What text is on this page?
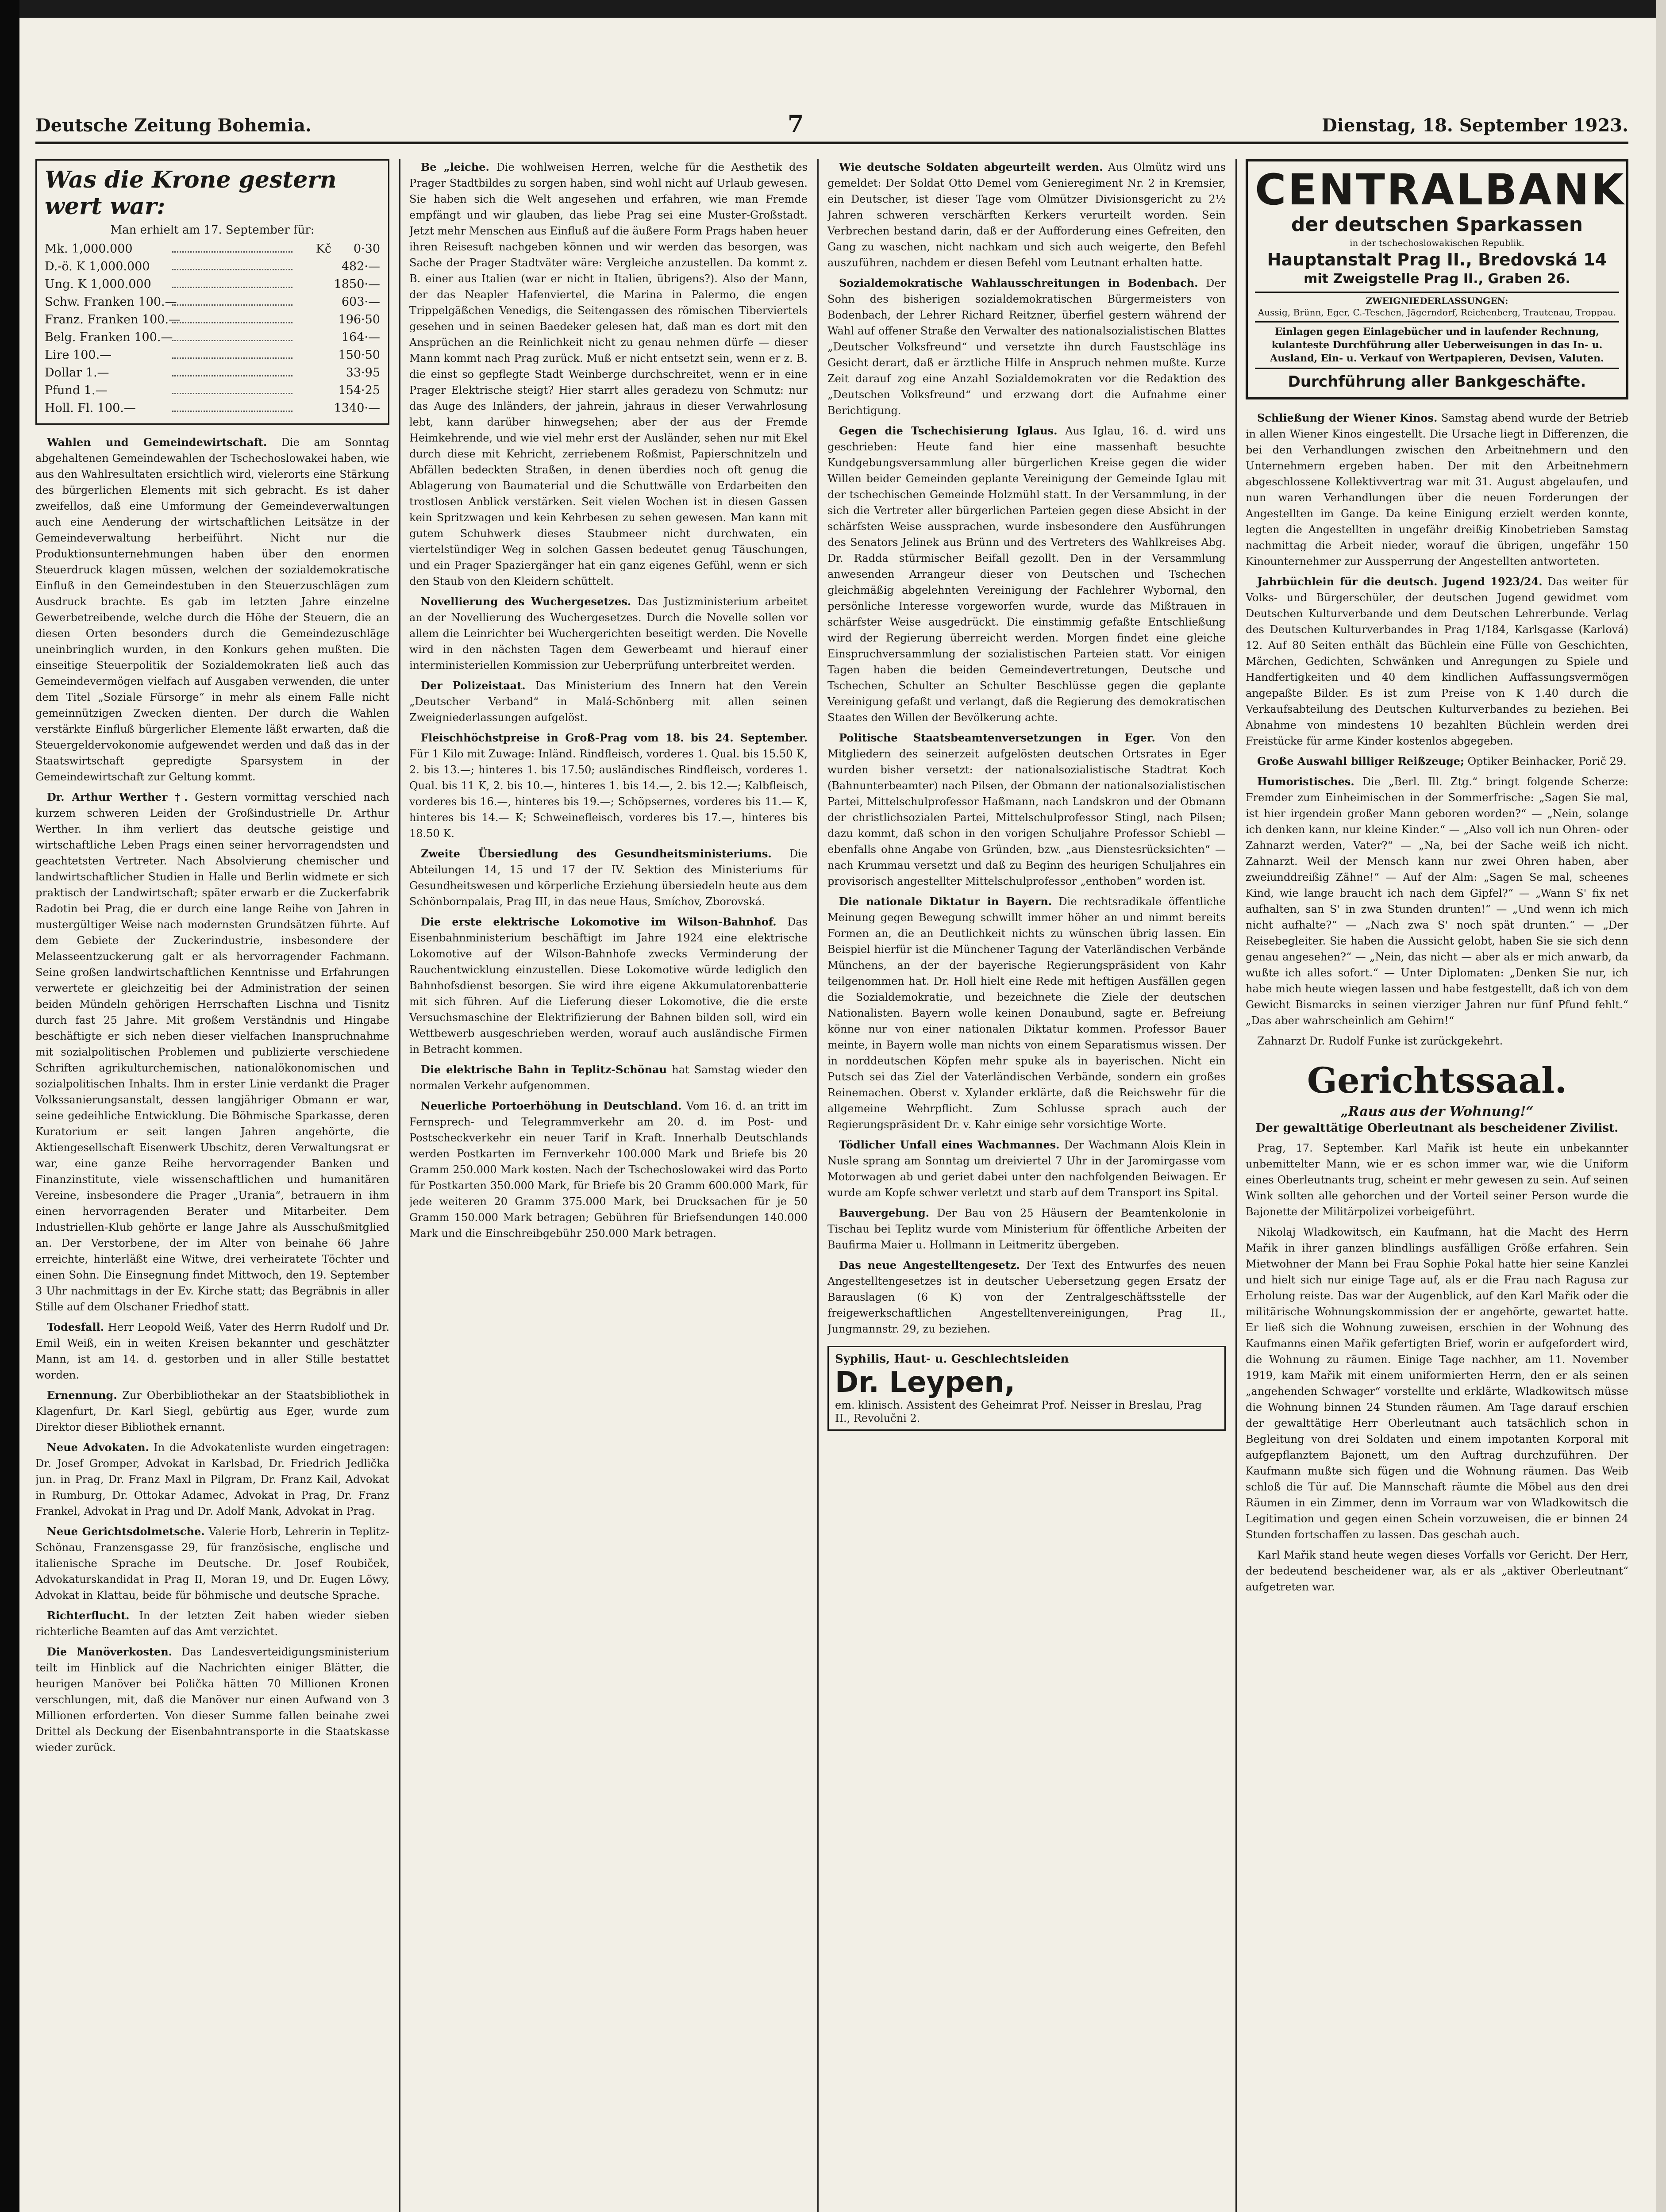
Deutsche Zeitung Bohemia.	7	Dienstag, 18. September 1923.
Was die Krone gestern wert war:
Man erhielt am 17. September für:
Mk. 1,000.000	Kč	0·30
D.-ö. K 1,000.000	482·—
Ung. K 1,000.000	1850·—
Schw. Franken 100.—	603·—
Franz. Franken 100.—	196·50
Belg. Franken 100.—	164·—
Lire 100.—	150·50
Dollar 1.—	33·95
Pfund 1.—	154·25
Holl. Fl. 100.—	1340·—

Wahlen und Gemeindewirtschaft. Die am Sonntag abgehaltenen Gemeindewahlen der Tschechoslowakei haben, wie aus den Wahlresultaten ersichtlich wird, vielerorts eine Stärkung des bürgerlichen Elements mit sich gebracht. Es ist daher zweifellos, daß eine Umformung der Gemeindeverwaltungen auch eine Aenderung der wirtschaftlichen Leitsätze in der Gemeindeverwaltung herbeiführt. Nicht nur die Produktionsunternehmungen haben über den enormen Steuerdruck klagen müssen, welchen der sozialdemokratische Einfluß in den Gemeindestuben in den Steuerzuschlägen zum Ausdruck brachte. Es gab im letzten Jahre einzelne Gewerbetreibende, welche durch die Höhe der Steuern, die an diesen Orten besonders durch die Gemeindezuschläge uneinbringlich wurden, in den Konkurs gehen mußten. Die einseitige Steuerpolitik der Sozialdemokraten ließ auch das Gemeindevermögen vielfach auf Ausgaben verwenden, die unter dem Titel „Soziale Fürsorge“ in mehr als einem Falle nicht gemeinnützigen Zwecken dienten. Der durch die Wahlen verstärkte Einfluß bürgerlicher Elemente läßt erwarten, daß die Steuergeldervokonomie aufgewendet werden und daß das in der Staatswirtschaft gepredigte Sparsystem in der Gemeindewirtschaft zur Geltung kommt.

Dr. Arthur Werther †. Gestern vormittag verschied nach kurzem schweren Leiden der Großindustrielle Dr. Arthur Werther. In ihm verliert das deutsche geistige und wirtschaftliche Leben Prags einen seiner hervorragendsten und geachtetsten Vertreter. Nach Absolvierung chemischer und landwirtschaftlicher Studien in Halle und Berlin widmete er sich praktisch der Landwirtschaft; später erwarb er die Zuckerfabrik Radotin bei Prag, die er durch eine lange Reihe von Jahren in mustergültiger Weise nach modernsten Grundsätzen führte. Auf dem Gebiete der Zuckerindustrie, insbesondere der Melasseentzuckerung galt er als hervorragender Fachmann. Seine großen landwirtschaftlichen Kenntnisse und Erfahrungen verwertete er gleichzeitig bei der Administration der seinen beiden Mündeln gehörigen Herrschaften Lischna und Tisnitz durch fast 25 Jahre. Mit großem Verständnis und Hingabe beschäftigte er sich neben dieser vielfachen Inanspruchnahme mit sozialpolitischen Problemen und publizierte verschiedene Schriften agrikulturchemischen, nationalökonomischen und sozialpolitischen Inhalts. Ihm in erster Linie verdankt die Prager Volkssanierungsanstalt, dessen langjähriger Obmann er war, seine gedeihliche Entwicklung. Die Böhmische Sparkasse, deren Kuratorium er seit langen Jahren angehörte, die Aktiengesellschaft Eisenwerk Ubschitz, deren Verwaltungsrat er war, eine ganze Reihe hervorragender Banken und Finanzinstitute, viele wissenschaftlichen und humanitären Vereine, insbesondere die Prager „Urania“, betrauern in ihm einen hervorragenden Berater und Mitarbeiter. Dem Industriellen-Klub gehörte er lange Jahre als Ausschußmitglied an. Der Verstorbene, der im Alter von beinahe 66 Jahre erreichte, hinterläßt eine Witwe, drei verheiratete Töchter und einen Sohn. Die Einsegnung findet Mittwoch, den 19. September 3 Uhr nachmittags in der Ev. Kirche statt; das Begräbnis in aller Stille auf dem Olschaner Friedhof statt.

Todesfall. Herr Leopold Weiß, Vater des Herrn Rudolf und Dr. Emil Weiß, ein in weiten Kreisen bekannter und geschätzter Mann, ist am 14. d. gestorben und in aller Stille bestattet worden.

Ernennung. Zur Oberbibliothekar an der Staatsbibliothek in Klagenfurt, Dr. Karl Siegl, gebürtig aus Eger, wurde zum Direktor dieser Bibliothek ernannt.

Neue Advokaten. In die Advokatenliste wurden eingetragen: Dr. Josef Gromper, Advokat in Karlsbad, Dr. Friedrich Jedlička jun. in Prag, Dr. Franz Maxl in Pilgram, Dr. Franz Kail, Advokat in Rumburg, Dr. Ottokar Adamec, Advokat in Prag, Dr. Franz Frankel, Advokat in Prag und Dr. Adolf Mank, Advokat in Prag.

Neue Gerichtsdolmetsche. Valerie Horb, Lehrerin in Teplitz-Schönau, Franzensgasse 29, für französische, englische und italienische Sprache im Deutsche. Dr. Josef Roubiček, Advokaturskandidat in Prag II, Moran 19, und Dr. Eugen Löwy, Advokat in Klattau, beide für böhmische und deutsche Sprache.

Richterflucht. In der letzten Zeit haben wieder sieben richterliche Beamten auf das Amt verzichtet.

Die Manöverkosten. Das Landesverteidigungsministerium teilt im Hinblick auf die Nachrichten einiger Blätter, die heurigen Manöver bei Polička hätten 70 Millionen Kronen verschlungen, mit, daß die Manöver nur einen Aufwand von 3 Millionen erforderten. Von dieser Summe fallen beinahe zwei Drittel als Deckung der Eisenbahntransporte in die Staatskasse wieder zurück.

Be „leiche. Die wohlweisen Herren, welche für die Aesthetik des Prager Stadtbildes zu sorgen haben, sind wohl nicht auf Urlaub gewesen. Sie haben sich die Welt angesehen und erfahren, wie man Fremde empfängt und wir glauben, das liebe Prag sei eine Muster-Großstadt. Jetzt mehr Menschen aus Einfluß auf die äußere Form Prags haben heuer ihren Reisesuft nachgeben können und wir werden das besorgen, was Sache der Prager Stadtväter wäre: Vergleiche anzustellen. Da kommt z. B. einer aus Italien (war er nicht in Italien, übrigens?). Also der Mann, der das Neapler Hafenviertel, die Marina in Palermo, die engen Trippelgäßchen Venedigs, die Seitengassen des römischen Tiberviertels gesehen und in seinen Baedeker gelesen hat, daß man es dort mit den Ansprüchen an die Reinlichkeit nicht zu genau nehmen dürfe — dieser Mann kommt nach Prag zurück. Muß er nicht entsetzt sein, wenn er z. B. die einst so gepflegte Stadt Weinberge durchschreitet, wenn er in eine Prager Elektrische steigt? Hier starrt alles geradezu von Schmutz: nur das Auge des Inländers, der jahrein, jahraus in dieser Verwahrlosung lebt, kann darüber hinwegsehen; aber der aus der Fremde Heimkehrende, und wie viel mehr erst der Ausländer, sehen nur mit Ekel durch diese mit Kehricht, zerriebenem Roßmist, Papierschnitzeln und Abfällen bedeckten Straßen, in denen überdies noch oft genug die Ablagerung von Baumaterial und die Schuttwälle von Erdarbeiten den trostlosen Anblick verstärken. Seit vielen Wochen ist in diesen Gassen kein Spritzwagen und kein Kehrbesen zu sehen gewesen. Man kann mit gutem Schuhwerk dieses Staubmeer nicht durchwaten, ein viertelstündiger Weg in solchen Gassen bedeutet genug Täuschungen, und ein Prager Spaziergänger hat ein ganz eigenes Gefühl, wenn er sich den Staub von den Kleidern schüttelt.

Novellierung des Wuchergesetzes. Das Justizministerium arbeitet an der Novellierung des Wuchergesetzes. Durch die Novelle sollen vor allem die Leinrichter bei Wuchergerichten beseitigt werden. Die Novelle wird in den nächsten Tagen dem Gewerbeamt und hierauf einer interministeriellen Kommission zur Ueberprüfung unterbreitet werden.

Der Polizeistaat. Das Ministerium des Innern hat den Verein „Deutscher Verband“ in Malá-Schönberg mit allen seinen Zweigniederlassungen aufgelöst.

Fleischhöchstpreise in Groß-Prag vom 18. bis 24. September. Für 1 Kilo mit Zuwage: Inländ. Rindfleisch, vorderes 1. Qual. bis 15.50 K, 2. bis 13.—; hinteres 1. bis 17.50; ausländisches Rindfleisch, vorderes 1. Qual. bis 11 K, 2. bis 10.—, hinteres 1. bis 14.—, 2. bis 12.—; Kalbfleisch, vorderes bis 16.—, hinteres bis 19.—; Schöpsernes, vorderes bis 11.— K, hinteres bis 14.— K; Schweinefleisch, vorderes bis 17.—, hinteres bis 18.50 K.

Zweite Übersiedlung des Gesundheitsministeriums. Die Abteilungen 14, 15 und 17 der IV. Sektion des Ministeriums für Gesundheitswesen und körperliche Erziehung übersiedeln heute aus dem Schönbornpalais, Prag III, in das neue Haus, Smíchov, Zborovská.

Die erste elektrische Lokomotive im Wilson-Bahnhof. Das Eisenbahnministerium beschäftigt im Jahre 1924 eine elektrische Lokomotive auf der Wilson-Bahnhofe zwecks Verminderung der Rauchentwicklung einzustellen. Diese Lokomotive würde lediglich den Bahnhofsdienst besorgen. Sie wird ihre eigene Akkumulatorenbatterie mit sich führen. Auf die Lieferung dieser Lokomotive, die die erste Versuchsmaschine der Elektrifizierung der Bahnen bilden soll, wird ein Wettbewerb ausgeschrieben werden, worauf auch ausländische Firmen in Betracht kommen.

Die elektrische Bahn in Teplitz-Schönau hat Samstag wieder den normalen Verkehr aufgenommen.

Neuerliche Portoerhöhung in Deutschland. Vom 16. d. an tritt im Fernsprech- und Telegrammverkehr am 20. d. im Post- und Postscheckverkehr ein neuer Tarif in Kraft. Innerhalb Deutschlands werden Postkarten im Fernverkehr 100.000 Mark und Briefe bis 20 Gramm 250.000 Mark kosten. Nach der Tschechoslowakei wird das Porto für Postkarten 350.000 Mark, für Briefe bis 20 Gramm 600.000 Mark, für jede weiteren 20 Gramm 375.000 Mark, bei Drucksachen für je 50 Gramm 150.000 Mark betragen; Gebühren für Briefsendungen 140.000 Mark und die Einschreibgebühr 250.000 Mark betragen.

Wie deutsche Soldaten abgeurteilt werden. Aus Olmütz wird uns gemeldet: Der Soldat Otto Demel vom Genieregiment Nr. 2 in Kremsier, ein Deutscher, ist dieser Tage vom Olmützer Divisionsgericht zu 2½ Jahren schweren verschärften Kerkers verurteilt worden. Sein Verbrechen bestand darin, daß er der Aufforderung eines Gefreiten, den Gang zu waschen, nicht nachkam und sich auch weigerte, den Befehl auszuführen, nachdem er diesen Befehl vom Leutnant erhalten hatte.

Sozialdemokratische Wahlausschreitungen in Bodenbach. Der Sohn des bisherigen sozialdemokratischen Bürgermeisters von Bodenbach, der Lehrer Richard Reitzner, überfiel gestern während der Wahl auf offener Straße den Verwalter des nationalsozialistischen Blattes „Deutscher Volksfreund“ und versetzte ihn durch Faustschläge ins Gesicht derart, daß er ärztliche Hilfe in Anspruch nehmen mußte. Kurze Zeit darauf zog eine Anzahl Sozialdemokraten vor die Redaktion des „Deutschen Volksfreund“ und erzwang dort die Aufnahme einer Berichtigung.

Gegen die Tschechisierung Iglaus. Aus Iglau, 16. d. wird uns geschrieben: Heute fand hier eine massenhaft besuchte Kundgebungsversammlung aller bürgerlichen Kreise gegen die wider Willen beider Gemeinden geplante Vereinigung der Gemeinde Iglau mit der tschechischen Gemeinde Holzmühl statt. In der Versammlung, in der sich die Vertreter aller bürgerlichen Parteien gegen diese Absicht in der schärfsten Weise aussprachen, wurde insbesondere den Ausführungen des Senators Jelinek aus Brünn und des Vertreters des Wahlkreises Abg. Dr. Radda stürmischer Beifall gezollt. Den in der Versammlung anwesenden Arrangeur dieser von Deutschen und Tschechen gleichmäßig abgelehnten Vereinigung der Fachlehrer Wybornal, den persönliche Interesse vorgeworfen wurde, wurde das Mißtrauen in schärfster Weise ausgedrückt. Die einstimmig gefaßte Entschließung wird der Regierung überreicht werden. Morgen findet eine gleiche Einspruchversammlung der sozialistischen Parteien statt. Vor einigen Tagen haben die beiden Gemeindevertretungen, Deutsche und Tschechen, Schulter an Schulter Beschlüsse gegen die geplante Vereinigung gefaßt und verlangt, daß die Regierung des demokratischen Staates den Willen der Bevölkerung achte.

Politische Staatsbeamtenversetzungen in Eger. Von den Mitgliedern des seinerzeit aufgelösten deutschen Ortsrates in Eger wurden bisher versetzt: der nationalsozialistische Stadtrat Koch (Bahnunterbeamter) nach Pilsen, der Obmann der nationalsozialistischen Partei, Mittelschulprofessor Haßmann, nach Landskron und der Obmann der christlichsozialen Partei, Mittelschulprofessor Stingl, nach Pilsen; dazu kommt, daß schon in den vorigen Schuljahre Professor Schiebl — ebenfalls ohne Angabe von Gründen, bzw. „aus Dienstesrücksichten“ — nach Krummau versetzt und daß zu Beginn des heurigen Schuljahres ein provisorisch angestellter Mittelschulprofessor „enthoben“ worden ist.

Die nationale Diktatur in Bayern. Die rechtsradikale öffentliche Meinung gegen Bewegung schwillt immer höher an und nimmt bereits Formen an, die an Deutlichkeit nichts zu wünschen übrig lassen. Ein Beispiel hierfür ist die Münchener Tagung der Vaterländischen Verbände Münchens, an der der bayerische Regierungspräsident von Kahr teilgenommen hat. Dr. Holl hielt eine Rede mit heftigen Ausfällen gegen die Sozialdemokratie, und bezeichnete die Ziele der deutschen Nationalisten. Bayern wolle keinen Donaubund, sagte er. Befreiung könne nur von einer nationalen Diktatur kommen. Professor Bauer meinte, in Bayern wolle man nichts von einem Separatismus wissen. Der in norddeutschen Köpfen mehr spuke als in bayerischen. Nicht ein Putsch sei das Ziel der Vaterländischen Verbände, sondern ein großes Reinemachen. Oberst v. Xylander erklärte, daß die Reichswehr für die allgemeine Wehrpflicht. Zum Schlusse sprach auch der Regierungspräsident Dr. v. Kahr einige sehr vorsichtige Worte.

Tödlicher Unfall eines Wachmannes. Der Wachmann Alois Klein in Nusle sprang am Sonntag um dreiviertel 7 Uhr in der Jaromirgasse vom Motorwagen ab und geriet dabei unter den nachfolgenden Beiwagen. Er wurde am Kopfe schwer verletzt und starb auf dem Transport ins Spital.

Bauvergebung. Der Bau von 25 Häusern der Beamtenkolonie in Tischau bei Teplitz wurde vom Ministerium für öffentliche Arbeiten der Baufirma Maier u. Hollmann in Leitmeritz übergeben.

Das neue Angestelltengesetz. Der Text des Entwurfes des neuen Angestelltengesetzes ist in deutscher Uebersetzung gegen Ersatz der Barauslagen (6 K) von der Zentralgeschäftsstelle der freigewerkschaftlichen Angestelltenvereinigungen, Prag II., Jungmannstr. 29, zu beziehen.

Syphilis, Haut- u. Geschlechtsleiden
Dr. Leypen,
em. klinisch. Assistent des Geheimrat Prof. Neisser in Breslau, Prag II., Revolučni 2.
CENTRALBANK
der deutschen Sparkassen
in der tschechoslowakischen Republik.
Hauptanstalt Prag II., Bredovská 14
mit Zweigstelle Prag II., Graben 26.
ZWEIGNIEDERLASSUNGEN:
Aussig, Brünn, Eger, C.-Teschen, Jägerndorf, Reichenberg, Trautenau, Troppau.
Einlagen gegen Einlagebücher und in laufender Rechnung, kulanteste Durchführung aller Ueberweisungen in das In- u. Ausland, Ein- u. Verkauf von Wertpapieren, Devisen, Valuten.
Durchführung aller Bankgeschäfte.

Schließung der Wiener Kinos. Samstag abend wurde der Betrieb in allen Wiener Kinos eingestellt. Die Ursache liegt in Differenzen, die bei den Verhandlungen zwischen den Arbeitnehmern und den Unternehmern ergeben haben. Der mit den Arbeitnehmern abgeschlossene Kollektivvertrag war mit 31. August abgelaufen, und nun waren Verhandlungen über die neuen Forderungen der Angestellten im Gange. Da keine Einigung erzielt werden konnte, legten die Angestellten in ungefähr dreißig Kinobetrieben Samstag nachmittag die Arbeit nieder, worauf die übrigen, ungefähr 150 Kinounternehmer zur Aussperrung der Angestellten antworteten.

Jahrbüchlein für die deutsch. Jugend 1923/24. Das weiter für Volks- und Bürgerschüler, der deutschen Jugend gewidmet vom Deutschen Kulturverbande und dem Deutschen Lehrerbunde. Verlag des Deutschen Kulturverbandes in Prag 1/184, Karlsgasse (Karlová) 12. Auf 80 Seiten enthält das Büchlein eine Fülle von Geschichten, Märchen, Gedichten, Schwänken und Anregungen zu Spiele und Handfertigkeiten und 40 dem kindlichen Auffassungsvermögen angepaßte Bilder. Es ist zum Preise von K 1.40 durch die Verkaufsabteilung des Deutschen Kulturverbandes zu beziehen. Bei Abnahme von mindestens 10 bezahlten Büchlein werden drei Freistücke für arme Kinder kostenlos abgegeben.

Große Auswahl billiger Reißzeuge; Optiker Beinhacker, Porič 29.

Humoristisches. Die „Berl. Ill. Ztg.“ bringt folgende Scherze: Fremder zum Einheimischen in der Sommerfrische: „Sagen Sie mal, ist hier irgendein großer Mann geboren worden?“ — „Nein, solange ich denken kann, nur kleine Kinder.“ — „Also voll ich nun Ohren- oder Zahnarzt werden, Vater?“ — „Na, bei der Sache weiß ich nicht. Zahnarzt. Weil der Mensch kann nur zwei Ohren haben, aber zweiunddreißig Zähne!“ — Auf der Alm: „Sagen Se mal, scheenes Kind, wie lange braucht ich nach dem Gipfel?“ — „Wann S' fix net aufhalten, san S' in zwa Stunden drunten!“ — „Und wenn ich mich nicht aufhalte?“ — „Nach zwa S' noch spät drunten.“ — „Der Reisebegleiter. Sie haben die Aussicht gelobt, haben Sie sie sich denn genau angesehen?“ — „Nein, das nicht — aber als er mich anwarb, da wußte ich alles sofort.“ — Unter Diplomaten: „Denken Sie nur, ich habe mich heute wiegen lassen und habe festgestellt, daß ich von dem Gewicht Bismarcks in seinen vierziger Jahren nur fünf Pfund fehlt.“ „Das aber wahrscheinlich am Gehirn!“

Zahnarzt Dr. Rudolf Funke ist zurückgekehrt.

Gerichtssaal.
„Raus aus der Wohnung!“
Der gewalttätige Oberleutnant als bescheidener Zivilist.

Prag, 17. September. Karl Mařik ist heute ein unbekannter unbemittelter Mann, wie er es schon immer war, wie die Uniform eines Oberleutnants trug, scheint er mehr gewesen zu sein. Auf seinen Wink sollten alle gehorchen und der Vorteil seiner Person wurde die Bajonette der Militärpolizei vorbeigeführt.

Nikolaj Wladkowitsch, ein Kaufmann, hat die Macht des Herrn Mařik in ihrer ganzen blindlings ausfälligen Größe erfahren. Sein Mietwohner der Mann bei Frau Sophie Pokal hatte hier seine Kanzlei und hielt sich nur einige Tage auf, als er die Frau nach Ragusa zur Erholung reiste. Das war der Augenblick, auf den Karl Mařik oder die militärische Wohnungskommission der er angehörte, gewartet hatte. Er ließ sich die Wohnung zuweisen, erschien in der Wohnung des Kaufmanns einen Mařik gefertigten Brief, worin er aufgefordert wird, die Wohnung zu räumen. Einige Tage nachher, am 11. November 1919, kam Mařik mit einem uniformierten Herrn, den er als seinen „angehenden Schwager“ vorstellte und erklärte, Wladkowitsch müsse die Wohnung binnen 24 Stunden räumen. Am Tage darauf erschien der gewalttätige Herr Oberleutnant auch tatsächlich schon in Begleitung von drei Soldaten und einem impotanten Korporal mit aufgepflanztem Bajonett, um den Auftrag durchzuführen. Der Kaufmann mußte sich fügen und die Wohnung räumen. Das Weib schloß die Tür auf. Die Mannschaft räumte die Möbel aus den drei Räumen in ein Zimmer, denn im Vorraum war von Wladkowitsch die Legitimation und gegen einen Schein vorzuweisen, die er binnen 24 Stunden fortschaffen zu lassen. Das geschah auch.

Karl Mařik stand heute wegen dieses Vorfalls vor Gericht. Der Herr, der bedeutend bescheidener war, als er als „aktiver Oberleutnant“ aufgetreten war.
